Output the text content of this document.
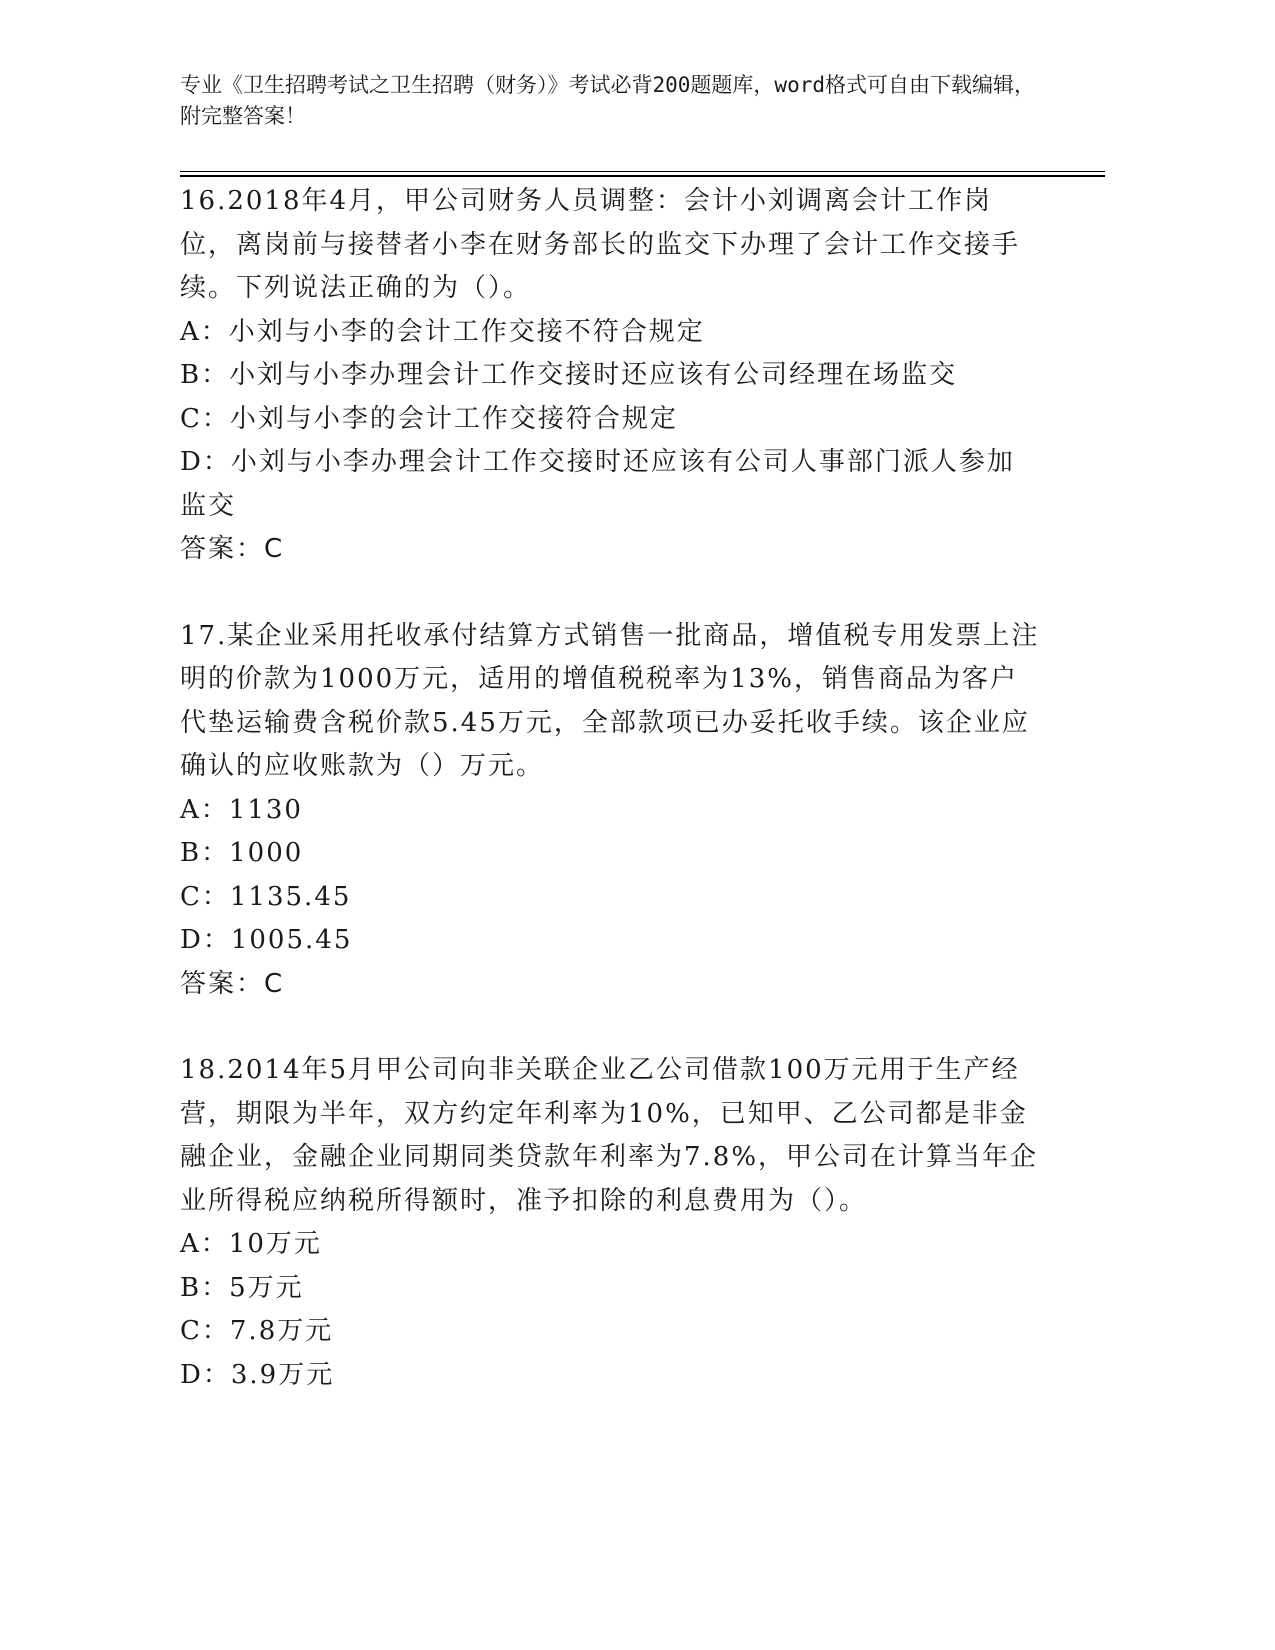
专业《卫生招聘考试之卫生招聘（财务）》考试必背200题题库，word格式可自由下载编辑，附完整答案！
16.2018年4月，甲公司财务人员调整：会计小刘调离会计工作岗位，离岗前与接替者小李在财务部长的监交下办理了会计工作交接手续。下列说法正确的为（）。
A：小刘与小李的会计工作交接不符合规定
B：小刘与小李办理会计工作交接时还应该有公司经理在场监交
C：小刘与小李的会计工作交接符合规定
D：小刘与小李办理会计工作交接时还应该有公司人事部门派人参加监交
答案：C
17.某企业采用托收承付结算方式销售一批商品，增值税专用发票上注明的价款为1000万元，适用的增值税税率为13%，销售商品为客户代垫运输费含税价款5.45万元，全部款项已办妥托收手续。该企业应确认的应收账款为（）万元。
A：1130
B：1000
C：1135.45
D：1005.45
答案：C
18.2014年5月甲公司向非关联企业乙公司借款100万元用于生产经营，期限为半年，双方约定年利率为10%，已知甲、乙公司都是非金融企业，金融企业同期同类贷款年利率为7.8%，甲公司在计算当年企业所得税应纳税所得额时，准予扣除的利息费用为（）。
A：10万元
B：5万元
C：7.8万元
D：3.9万元
